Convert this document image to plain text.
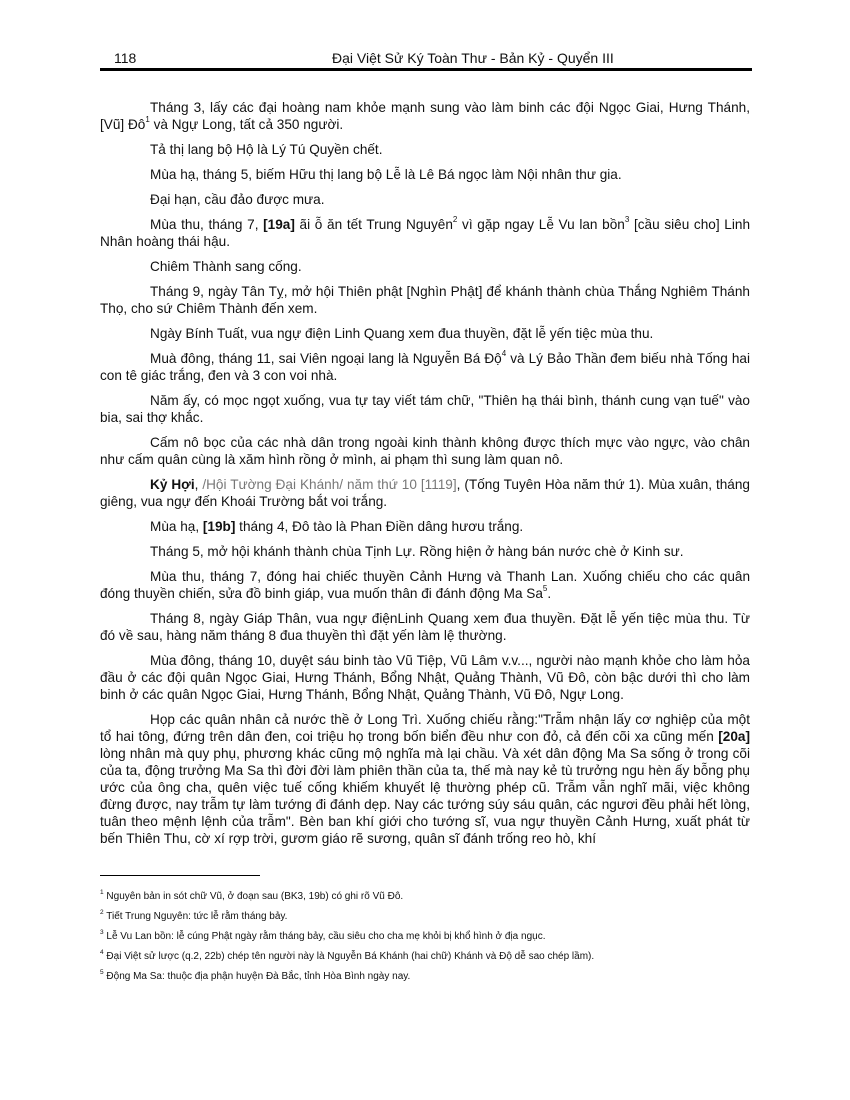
118	Đại Việt Sử Ký Toàn Thư - Bản Kỷ - Quyển III

Tháng 3, lấy các đại hoàng nam khỏe mạnh sung vào làm binh các đội Ngọc Giai, Hưng Thánh, [Vũ] $Đô^1$ và Ngự Long, tất cả 350 người.

Tả thị lang bộ Hộ là Lý Tú Quyền chết.

Mùa hạ, tháng 5, biếm Hữu thị lang bộ Lễ là Lê Bá ngọc làm Nội nhân thư gia.

Đại hạn, cầu đảo được mưa.

Mùa thu, tháng 7, [19a] ãi ỗ ăn tết Trung Nguyên$^2$ vì gặp ngay Lễ Vu lan bồn$^3$ [cầu siêu cho] Linh Nhân hoàng thái hậu.

Chiêm Thành sang cống.

Tháng 9, ngày Tân Tỵ, mở hội Thiên phật [Nghìn Phật] để khánh thành chùa Thắng Nghiêm Thánh Thọ, cho sứ Chiêm Thành đến xem.

Ngày Bính Tuất, vua ngự điện Linh Quang xem đua thuyền, đặt lễ yến tiệc mùa thu.

Muà đông, tháng 11, sai Viên ngoại lang là Nguyễn Bá Độ$^4$ và Lý Bảo Thần đem biếu nhà Tống hai con tê giác trắng, đen và 3 con voi nhà.

Năm ấy, có mọc ngọt xuống, vua tự tay viết tám chữ, "Thiên hạ thái bình, thánh cung vạn tuế" vào bia, sai thợ khắc.

Cấm nô bọc của các nhà dân trong ngoài kinh thành không được thích mực vào ngực, vào chân như cấm quân cùng là xăm hình rồng ở mình, ai phạm thì sung làm quan nô.

Kỷ Hợi, /Hội Tường Đại Khánh/ năm thứ 10 [1119], (Tống Tuyên Hòa năm thứ 1). Mùa xuân, tháng giêng, vua ngự đến Khoái Trường bắt voi trắng.

Mùa hạ, [19b] tháng 4, Đô tào là Phan Điền dâng hươu trắng.

Tháng 5, mở hội khánh thành chùa Tịnh Lự. Rồng hiện ở hàng bán nước chè ở Kinh sư.

Mùa thu, tháng 7, đóng hai chiếc thuyền Cảnh Hưng và Thanh Lan. Xuống chiếu cho các quân đóng thuyền chiến, sửa đồ binh giáp, vua muốn thân đi đánh động Ma Sa$^5$.

Tháng 8, ngày Giáp Thân, vua ngự điệnLinh Quang xem đua thuyền. Đặt lễ yến tiệc mùa thu. Từ đó về sau, hàng năm tháng 8 đua thuyền thì đặt yến làm lệ thường.

Mùa đông, tháng 10, duyệt sáu binh tào Vũ Tiệp, Vũ Lâm v.v..., người nào mạnh khỏe cho làm hỏa đầu ở các đội quân Ngọc Giai, Hưng Thánh, Bổng Nhật, Quảng Thành, Vũ Đô, còn bậc dưới thì cho làm binh ở các quân Ngọc Giai, Hưng Thánh, Bổng Nhật, Quảng Thành, Vũ Đô, Ngự Long.

Họp các quân nhân cả nước thề ở Long Trì. Xuống chiếu rằng:"Trẫm nhận lấy cơ nghiệp của một tổ hai tông, đứng trên dân đen, coi triệu họ trong bốn biển đều như con đỏ, cả đến cõi xa cũng mến [20a] lòng nhân mà quy phụ, phương khác cũng mộ nghĩa mà lại chầu. Và xét dân động Ma Sa sống ở trong cõi của ta, động trưởng Ma Sa thì đời đời làm phiên thần của ta, thế mà nay kẻ tù trưởng ngu hèn ấy bỗng phụ ước của ông cha, quên việc tuế cống khiếm khuyết lệ thường phép cũ. Trẫm vẫn nghĩ mãi, việc không đừng được, nay trẫm tự làm tướng đi đánh dẹp. Nay các tướng súy sáu quân, các ngươi đều phải hết lòng, tuân theo mệnh lệnh của trẫm". Bèn ban khí giới cho tướng sĩ, vua ngự thuyền Cảnh Hưng, xuất phát từ bến Thiên Thu, cờ xí rợp trời, gươm giáo rẽ sương, quân sĩ đánh trống reo hò, khí

$^1$ Nguyên bản in sót chữ Vũ, ở đoạn sau (BK3, 19b) có ghi rõ Vũ Đô.
$^2$ Tiết Trung Nguyên: tức lễ rằm tháng bảy.
$^3$ Lễ Vu Lan bồn: lễ cúng Phật ngày rằm tháng bảy, cầu siêu cho cha mẹ khỏi bị khổ hình ở địa ngục.
$^4$ Đại Việt sử lược (q.2, 22b) chép tên người này là Nguyễn Bá Khánh (hai chữ) Khánh và Độ dễ sao chép lầm).
$^5$ Động Ma Sa: thuộc địa phận huyện Đà Bắc, tỉnh Hòa Bình ngày nay.
